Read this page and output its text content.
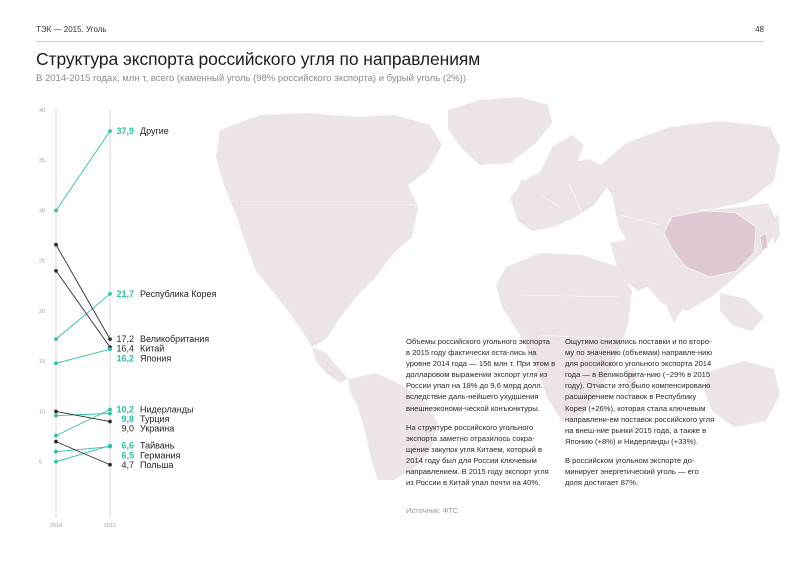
ТЭК — 2015. Уголь	48
Структура экспорта российского угля по направлениям
В 2014-2015 годах, млн т, всего (каменный уголь (98% российского экспорта) и бурый уголь (2%))
5
10
15
20
25
30
35
40
2014	2015
37,9 Другие
21,7 Республика Корея
17,2 Великобритания
16,4 Китай
16,2 Япония
10,2 Нидерланды
9,8 Турция
9,0 Украина
6,6 Тайвань
6,5 Германия
4,7 Польша

Объемы российского угольного экспорта в 2015 году фактически оста-лись на уровне 2014 года — 156 млн т. При этом в долларовом выражении экспорт угля из России упал на 18% до 9,6 млрд долл. вследствие даль-нейшего ухудшения внешнеэкономи-ческой конъюнктуры.

На структуре российского угольного экспорта заметно отразилось сокра-щение закупок угля Китаем, который в 2014 году был для России ключевым направлением. В 2015 году экспорт угля из России в Китай упал почти на 40%.

Ощутимо снизились поставки и по второ-му по значению (объемам) направле-нию для российского угольного экспорта 2014 года — в Великобрита-нию (−29% в 2015 году). Отчасти это было компенсировано расширением поставок в Республику Корея (+26%), которая стала ключевым направлени-ем поставок российского угля на внеш-ние рынки 2015 года, а также в Японию (+8%) и Нидерланды (+33%).

В российском угольном экспорте до-минирует энергетический уголь — его доля достигает 87%.

Источник: ФТС
